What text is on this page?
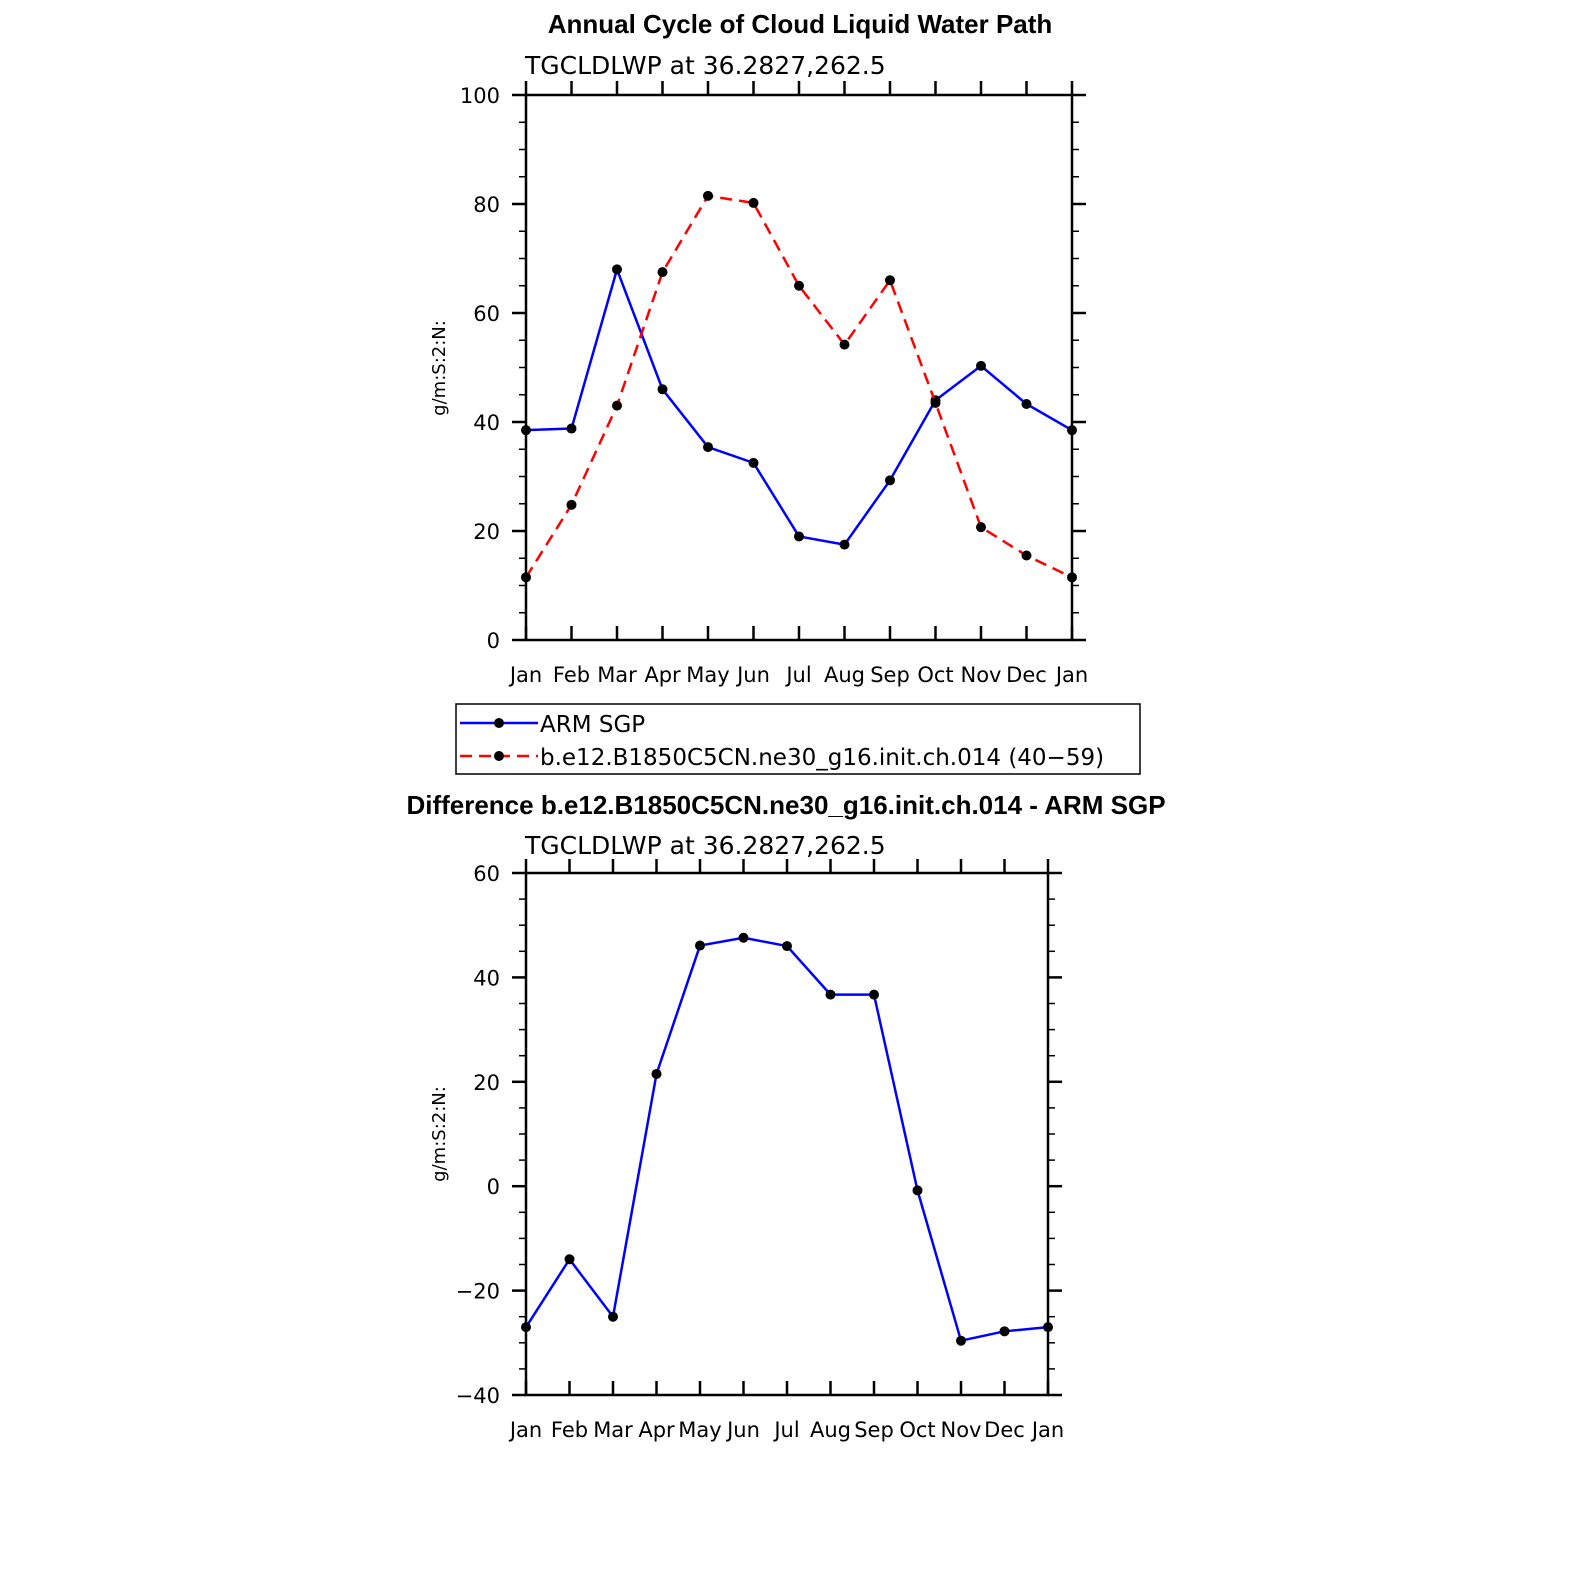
Annual Cycle of Cloud Liquid Water Path
TGCLDLWP at 36.2827,262.5
g/m:S:2:N:
Jan Feb Mar Apr May Jun Jul Aug Sep Oct Nov Dec Jan
0
20
40
60
80
100
ARM SGP
b.e12.B1850C5CN.ne30_g16.init.ch.014 (40−59)
Difference b.e12.B1850C5CN.ne30_g16.init.ch.014 - ARM SGP
TGCLDLWP at 36.2827,262.5
g/m:S:2:N:
Jan Feb Mar Apr May Jun Jul Aug Sep Oct Nov Dec Jan
−40
−20
0
20
40
60
